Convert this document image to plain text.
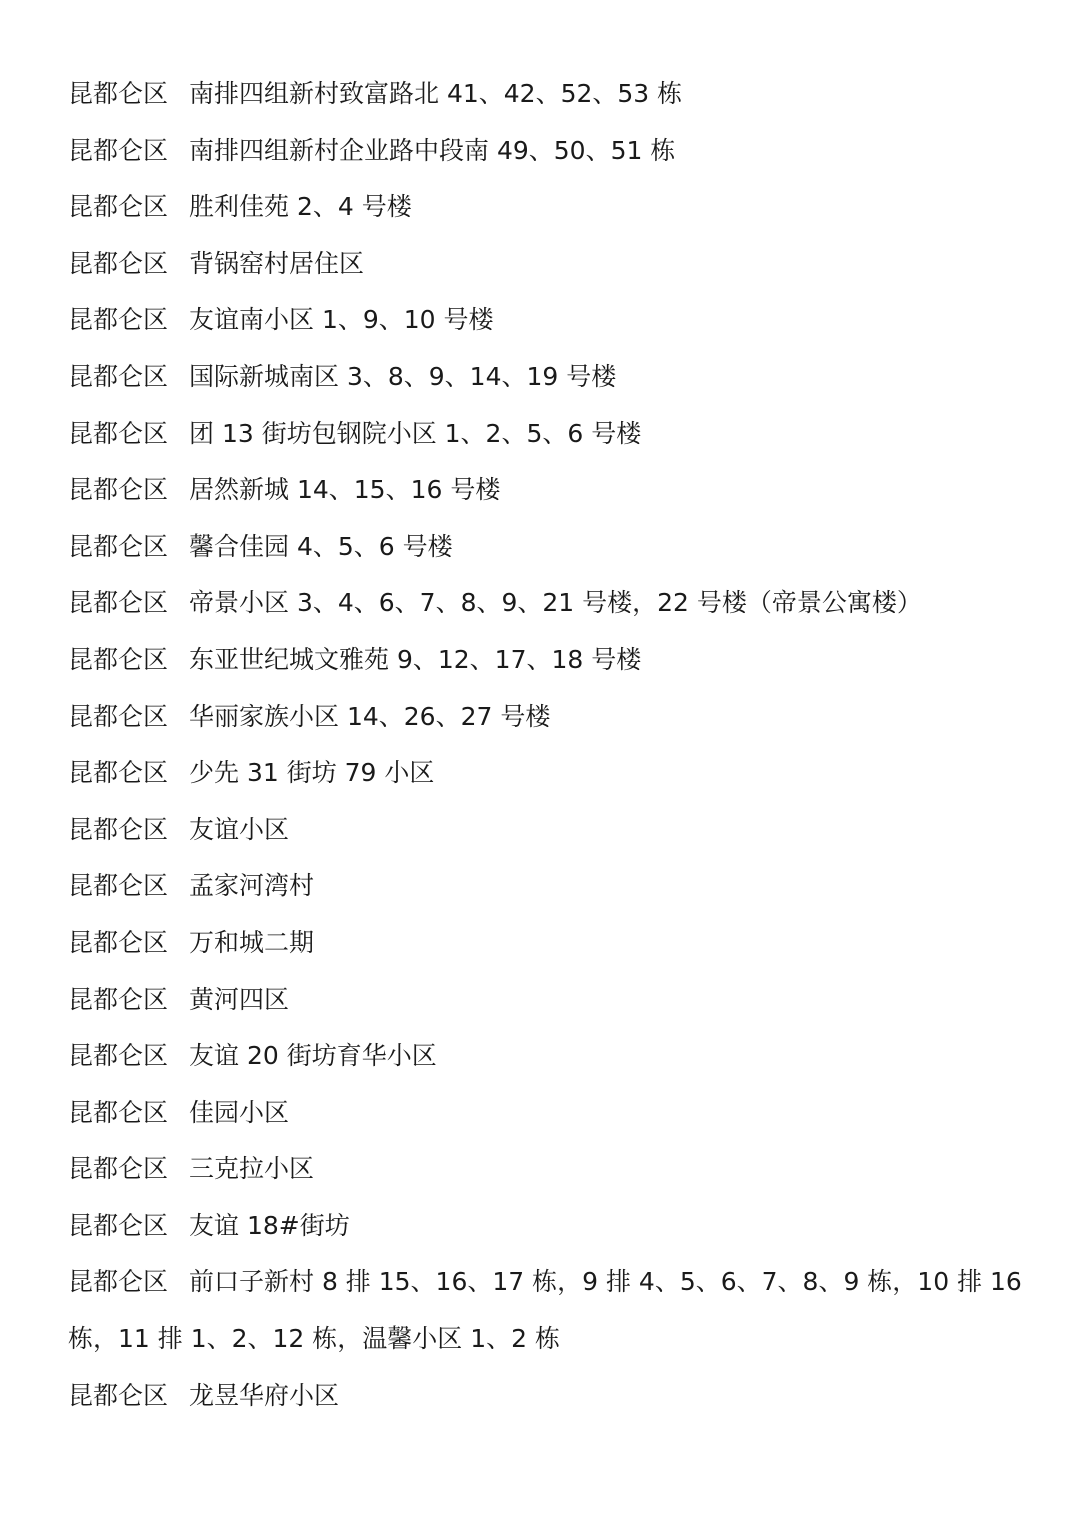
昆都仑区 南排四组新村致富路北 41、42、52、53 栋
昆都仑区 南排四组新村企业路中段南 49、50、51 栋
昆都仑区 胜利佳苑 2、4 号楼
昆都仑区 背锅窑村居住区
昆都仑区 友谊南小区 1、9、10 号楼
昆都仑区 国际新城南区 3、8、9、14、19 号楼
昆都仑区 团 13 街坊包钢院小区 1、2、5、6 号楼
昆都仑区 居然新城 14、15、16 号楼
昆都仑区 馨合佳园 4、5、6 号楼
昆都仑区 帝景小区 3、4、6、7、8、9、21 号楼，22 号楼（帝景公寓楼）
昆都仑区 东亚世纪城文雅苑 9、12、17、18 号楼
昆都仑区 华丽家族小区 14、26、27 号楼
昆都仑区 少先 31 街坊 79 小区
昆都仑区 友谊小区
昆都仑区 孟家河湾村
昆都仑区 万和城二期
昆都仑区 黄河四区
昆都仑区 友谊 20 街坊育华小区
昆都仑区 佳园小区
昆都仑区 三克拉小区
昆都仑区 友谊 18#街坊
昆都仑区 前口子新村 8 排 15、16、17 栋，9 排 4、5、6、7、8、9 栋，10 排 16
栋，11 排 1、2、12 栋，温馨小区 1、2 栋
昆都仑区 龙昱华府小区
